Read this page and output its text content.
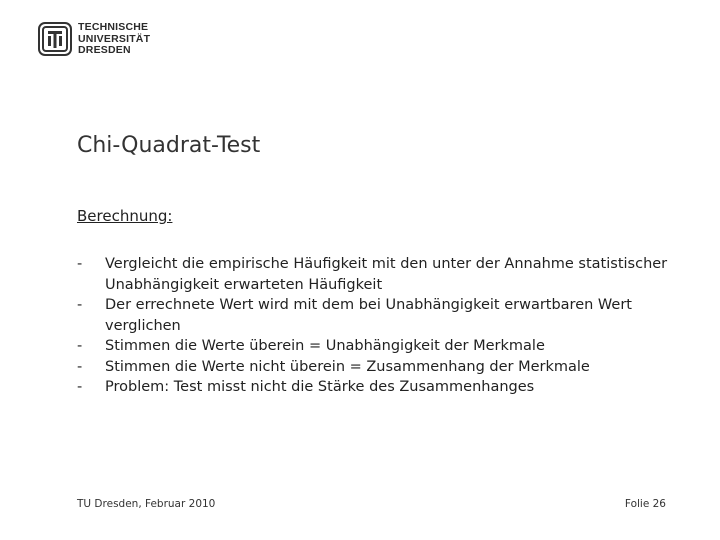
TECHNISCHE
UNIVERSITÄT
DRESDEN
Chi-Quadrat-Test
Berechnung:
-	Vergleicht die empirische Häufigkeit mit den unter der Annahme statistischer Unabhängigkeit erwarteten Häufigkeit
-	Der errechnete Wert wird mit dem bei Unabhängigkeit erwartbaren Wert verglichen
-	Stimmen die Werte überein = Unabhängigkeit der Merkmale
-	Stimmen die Werte nicht überein = Zusammenhang der Merkmale
-	Problem: Test misst nicht die Stärke des Zusammenhanges
TU Dresden, Februar 2010	Folie 26
